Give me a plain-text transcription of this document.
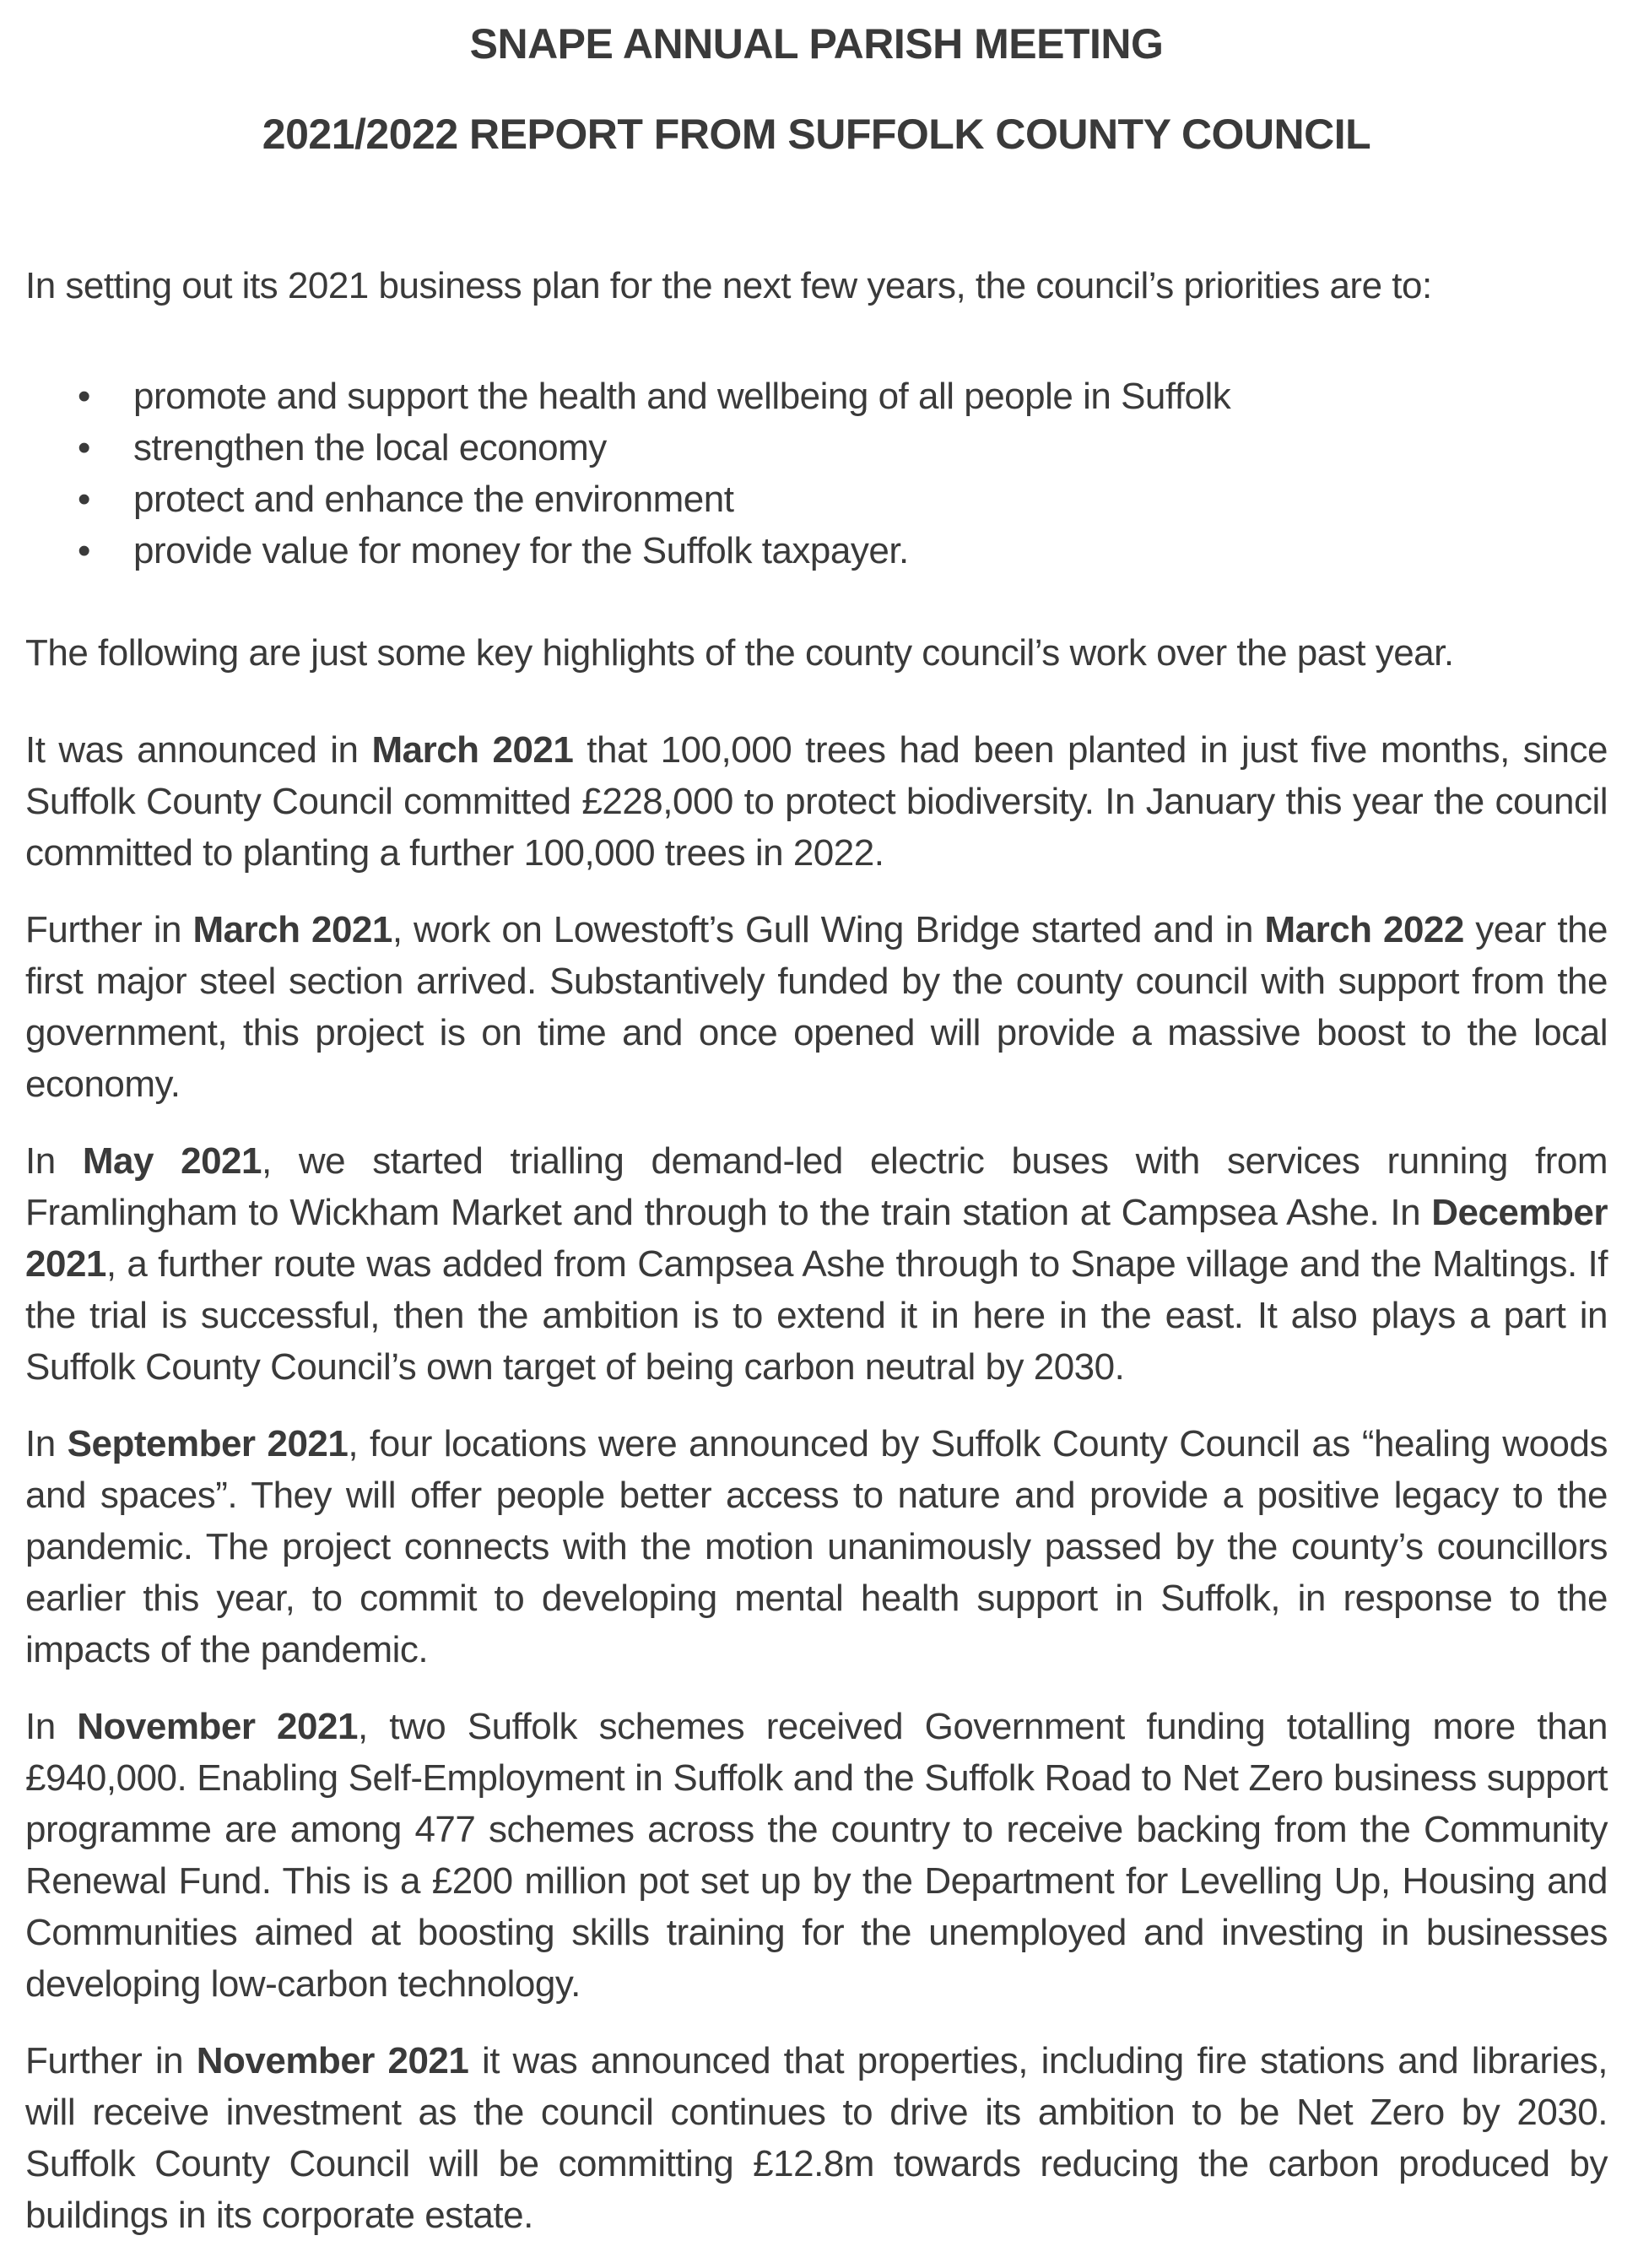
SNAPE ANNUAL PARISH MEETING
2021/2022 REPORT FROM SUFFOLK COUNTY COUNCIL

In setting out its 2021 business plan for the next few years, the council’s priorities are to:

• promote and support the health and wellbeing of all people in Suffolk
• strengthen the local economy
• protect and enhance the environment
• provide value for money for the Suffolk taxpayer.

The following are just some key highlights of the county council’s work over the past year.

It was announced in March 2021 that 100,000 trees had been planted in just five months, since Suffolk County Council committed £228,000 to protect biodiversity. In January this year the council committed to planting a further 100,000 trees in 2022.

Further in March 2021, work on Lowestoft’s Gull Wing Bridge started and in March 2022 year the first major steel section arrived. Substantively funded by the county council with support from the government, this project is on time and once opened will provide a massive boost to the local economy.

In May 2021, we started trialling demand-led electric buses with services running from Framlingham to Wickham Market and through to the train station at Campsea Ashe. In December 2021, a further route was added from Campsea Ashe through to Snape village and the Maltings. If the trial is successful, then the ambition is to extend it in here in the east. It also plays a part in Suffolk County Council’s own target of being carbon neutral by 2030.

In September 2021, four locations were announced by Suffolk County Council as “healing woods and spaces”. They will offer people better access to nature and provide a positive legacy to the pandemic. The project connects with the motion unanimously passed by the county’s councillors earlier this year, to commit to developing mental health support in Suffolk, in response to the impacts of the pandemic.

In November 2021, two Suffolk schemes received Government funding totalling more than £940,000. Enabling Self-Employment in Suffolk and the Suffolk Road to Net Zero business support programme are among 477 schemes across the country to receive backing from the Community Renewal Fund. This is a £200 million pot set up by the Department for Levelling Up, Housing and Communities aimed at boosting skills training for the unemployed and investing in businesses developing low-carbon technology.

Further in November 2021 it was announced that properties, including fire stations and libraries, will receive investment as the council continues to drive its ambition to be Net Zero by 2030. Suffolk County Council will be committing £12.8m towards reducing the carbon produced by buildings in its corporate estate.
